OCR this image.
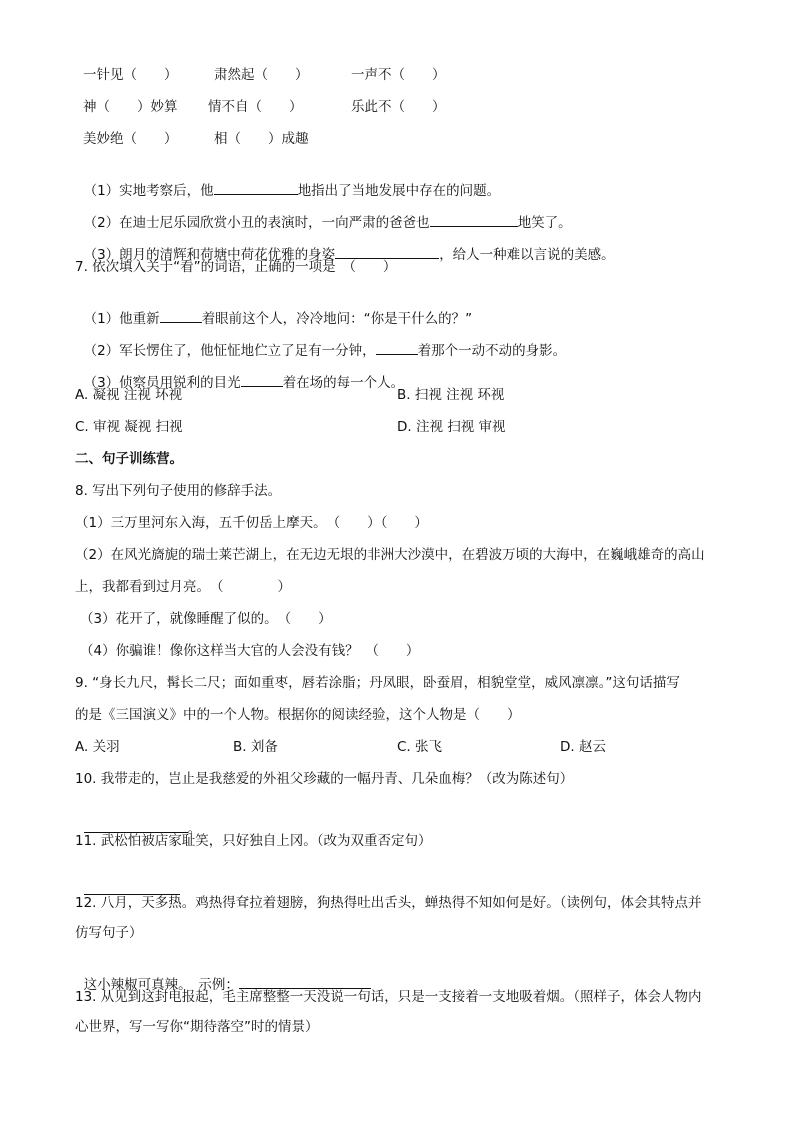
一针见（　　）	肃然起（　　）	一声不（　　）
神（　　）妙算 情不自（　　）	乐此不（　　）
美妙绝（　　）	相（　　）成趣

（1）实地考察后，他	地指出了当地发展中存在的问题。

（2）在迪士尼乐园欣赏小丑的表演时，一向严肃的爸爸也	地笑了。

（3）朗月的清辉和荷塘中荷花优雅的身姿	，给人一种难以言说的美感。

7. 依次填入关于“看”的词语，正确的一项是　（　　）

（1）他重新	着眼前这个人，冷冷地问：“你是干什么的？”

（2）军长愣住了，他怔怔地伫立了足有一分钟，	着那个一动不动的身影。

（3）侦察员用锐利的目光	着在场的每一个人。

A. 凝视 注视 环视	B. 扫视 注视 环视
C. 审视 凝视 扫视	D. 注视 扫视 审视
二、句子训练营。
8. 写出下列句子使用的修辞手法。
（1）三万里河东入海，五千仞岳上摩天。　（　　）（　　）
（2）在风光旖旎的瑞士莱芒湖上，在无边无垠的非洲大沙漠中，在碧波万顷的大海中，在巍峨雄奇的高山
上，我都看到过月亮。　（　　　　）
（3）花开了，就像睡醒了似的。　（　　）
（4）你骗谁！像你这样当大官的人会没有钱？　（　　）
9. “身长九尺，髯长二尺；面如重枣，唇若涂脂；丹凤眼，卧蚕眉，相貌堂堂，威风凛凛。”这句话描写
的是《三国演义》中的一个人物。根据你的阅读经验，这个人物是（　　）
A. 关羽	B. 刘备	C. 张飞	D. 赵云
10. 我带走的，岂止是我慈爱的外祖父珍藏的一幅丹青、几朵血梅？（改为陈述句）

。

11. 武松怕被店家耻笑，只好独自上冈。（改为双重否定句）

12. 八月，天多热。鸡热得耷拉着翅膀，狗热得吐出舌头，蝉热得不知如何是好。（读例句，体会其特点并
仿写句子）

这小辣椒可真辣。　示例：

13. 从见到这封电报起，毛主席整整一天没说一句话，只是一支接着一支地吸着烟。（照样子，体会人物内
心世界，写一写你“期待落空”时的情景）
